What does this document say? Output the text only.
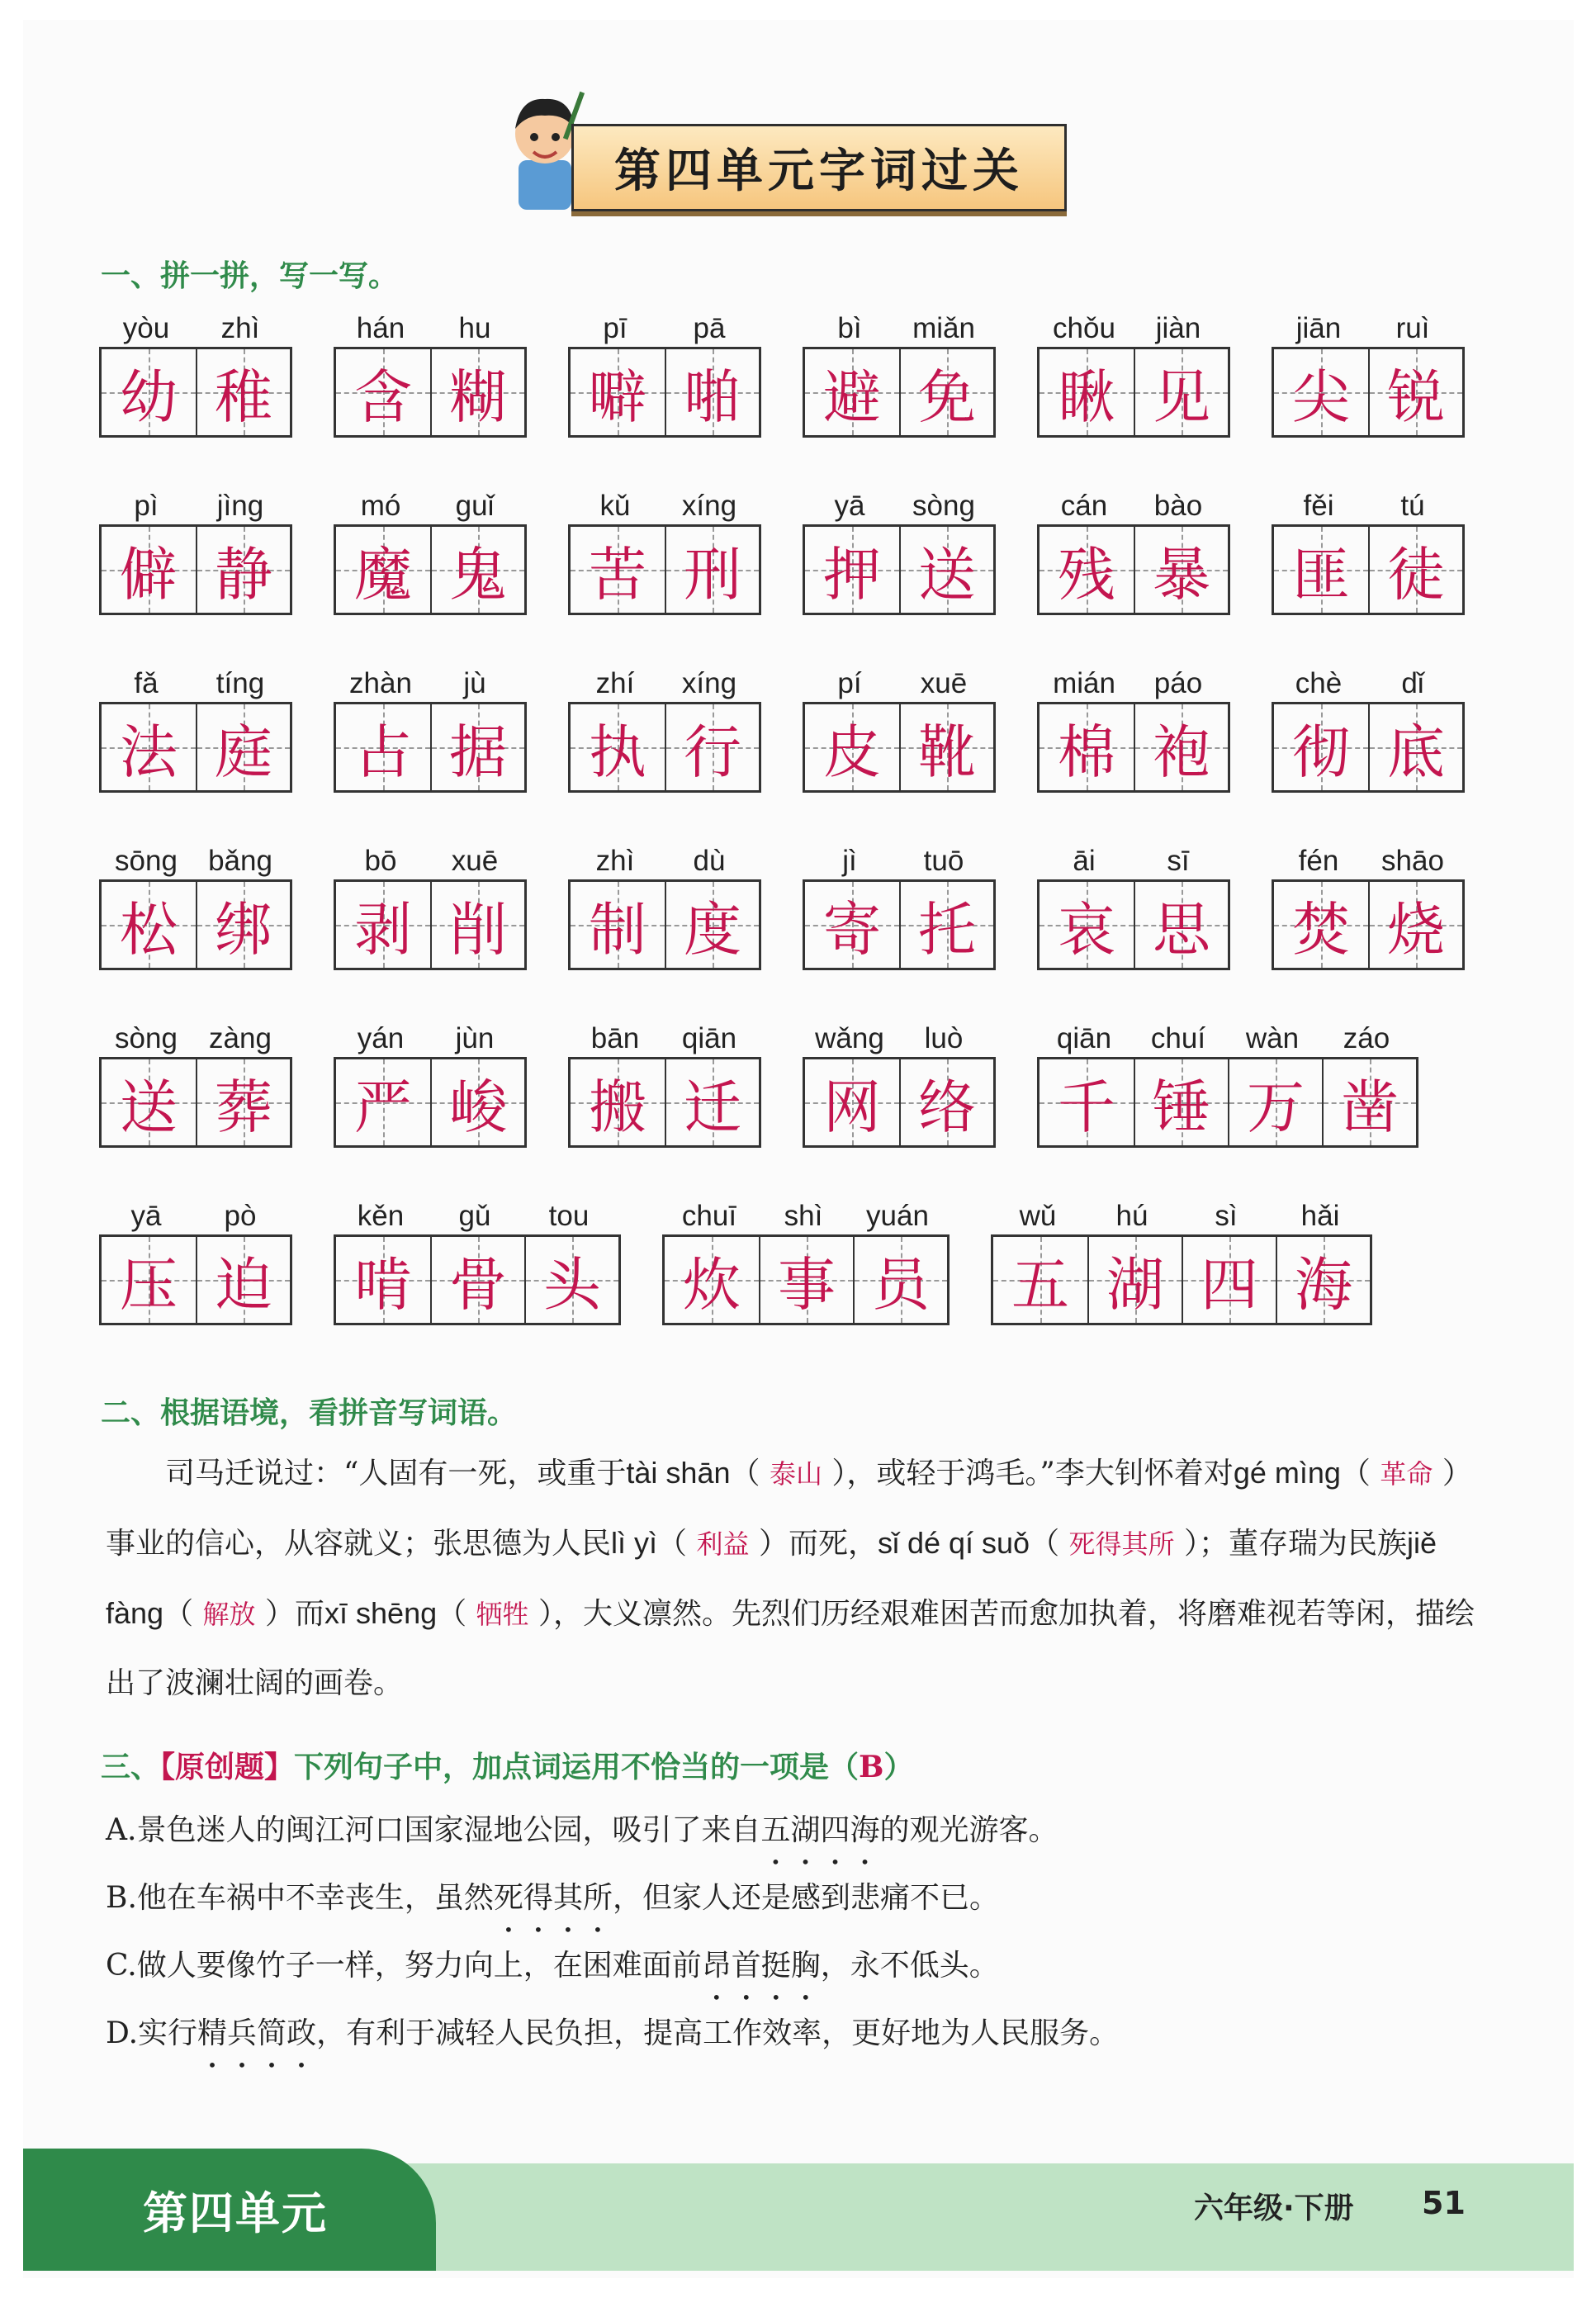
第四单元字词过关
一、拼一拼，写一写。
yòu	zhì
幼 稚
hán	hu
含 糊
pī	pā
噼 啪
bì	miǎn
避 免
chǒu	jiàn
瞅 见
jiān	ruì
尖 锐
pì	jìng
僻 静
mó	guǐ
魔 鬼
kǔ	xíng
苦 刑
yā	sòng
押 送
cán	bào
残 暴
fěi	tú
匪 徒
fǎ	tíng
法 庭
zhàn	jù
占 据
zhí	xíng
执 行
pí	xuē
皮 靴
mián	páo
棉 袍
chè	dǐ
彻 底
sōng	bǎng
松 绑
bō	xuē
剥 削
zhì	dù
制 度
jì	tuō
寄 托
āi	sī
哀 思
fén	shāo
焚 烧
sòng	zàng
送 葬
yán	jùn
严 峻
bān	qiān
搬 迁
wǎng	luò
网 络
qiān	chuí	wàn	záo
千 锤 万 凿
yā	pò
压 迫
kěn	gǔ	tou
啃 骨 头
chuī	shì	yuán
炊 事 员
wǔ	hú	sì	hǎi
五 湖 四 海
二、根据语境，看拼音写词语。
司马迁说过：“人固有一死，或重于tài shān（ 泰山 ），或轻于鸿毛。”李大钊怀着对gé mìng（ 革命 ）事业的信心，从容就义；张思德为人民lì yì（ 利益 ）而死，sǐ dé qí suǒ（ 死得其所 ）；董存瑞为民族jiě fàng（ 解放 ）而xī shēng（ 牺牲 ），大义凛然。先烈们历经艰难困苦而愈加执着，将磨难视若等闲，描绘出了波澜壮阔的画卷。
三、【原创题】下列句子中，加点词运用不恰当的一项是（B）
A.景色迷人的闽江河口国家湿地公园，吸引了来自五湖四海的观光游客。
B.他在车祸中不幸丧生，虽然死得其所，但家人还是感到悲痛不已。
C.做人要像竹子一样，努力向上，在困难面前昂首挺胸，永不低头。
D.实行精兵简政，有利于减轻人民负担，提高工作效率，更好地为人民服务。
第四单元	六年级·下册 51
